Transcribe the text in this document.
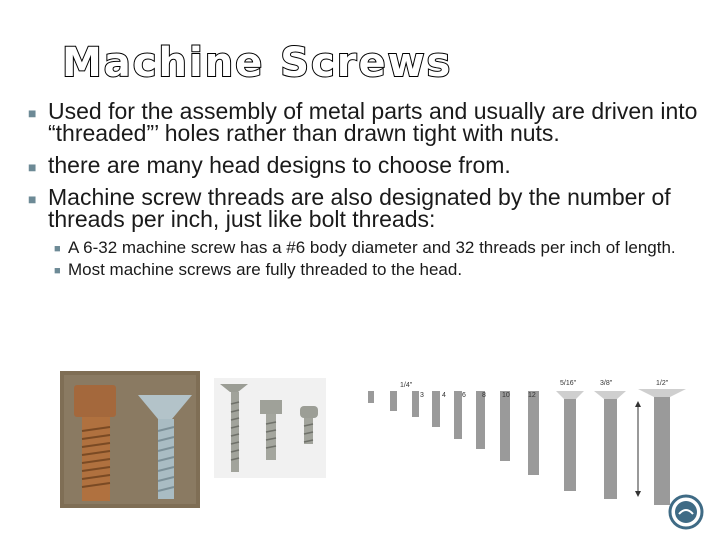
Machine Screws
■ Used for the assembly of metal parts and usually are driven into “threaded”’ holes rather than drawn tight with nuts.
■ there are many head designs to choose from.
■ Machine screw threads are also designated by the number of threads per inch, just like bolt threads:
■ A 6-32 machine screw has a #6 body diameter and 32 threads per inch of length.
■ Most machine screws are fully threaded to the head.
1/4"	5/16"	3/8"	1/2"
3	4 6 8 10	12
